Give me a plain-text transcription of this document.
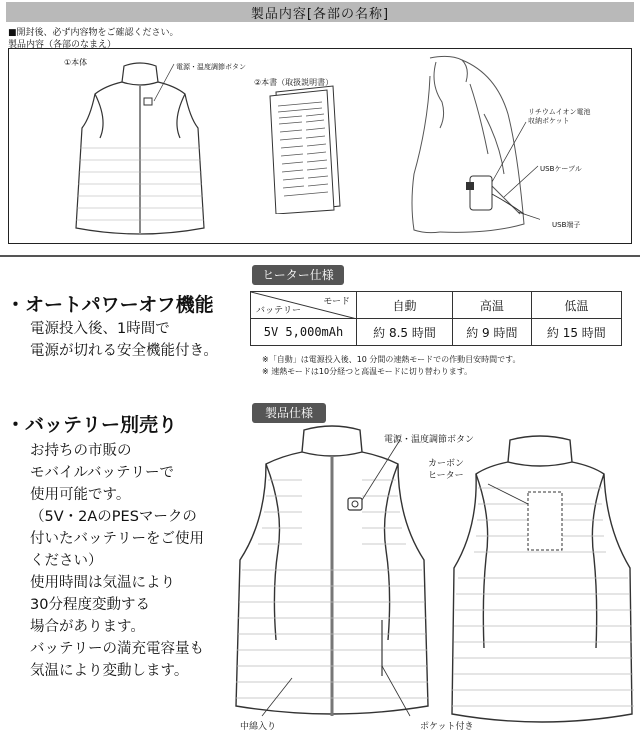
製品内容[各部の名称]
■開封後、必ず内容物をご確認ください。
製品内容（各部のなまえ）
①本体	電源・温度調節ボタン
②本書（取扱説明書）
リチウムイオン電池
収納ポケット
USBケーブル
USB端子
・オートパワーオフ機能
電源投入後、1時間で
電源が切れる安全機能付き。
・バッテリー別売り
お持ちの市販の
モバイルバッテリーで
使用可能です。
（5V・2AのPESマークの
付いたバッテリーをご使用
ください）
使用時間は気温により
30分程度変動する
場合があります。
バッテリーの満充電容量も
気温により変動します。
ヒーター仕様
モード
バッテリー	自動	高温	低温
5V 5,000mAh	約 8.5 時間	約 9 時間	約 15 時間
※「自動」は電源投入後、10 分間の速熱モードでの作動目安時間です。
※ 速熱モードは10分経つと高温モードに切り替わります。
製品仕様
電源・温度調節ボタン
カーボン
ヒーター
中綿入り	ポケット付き
